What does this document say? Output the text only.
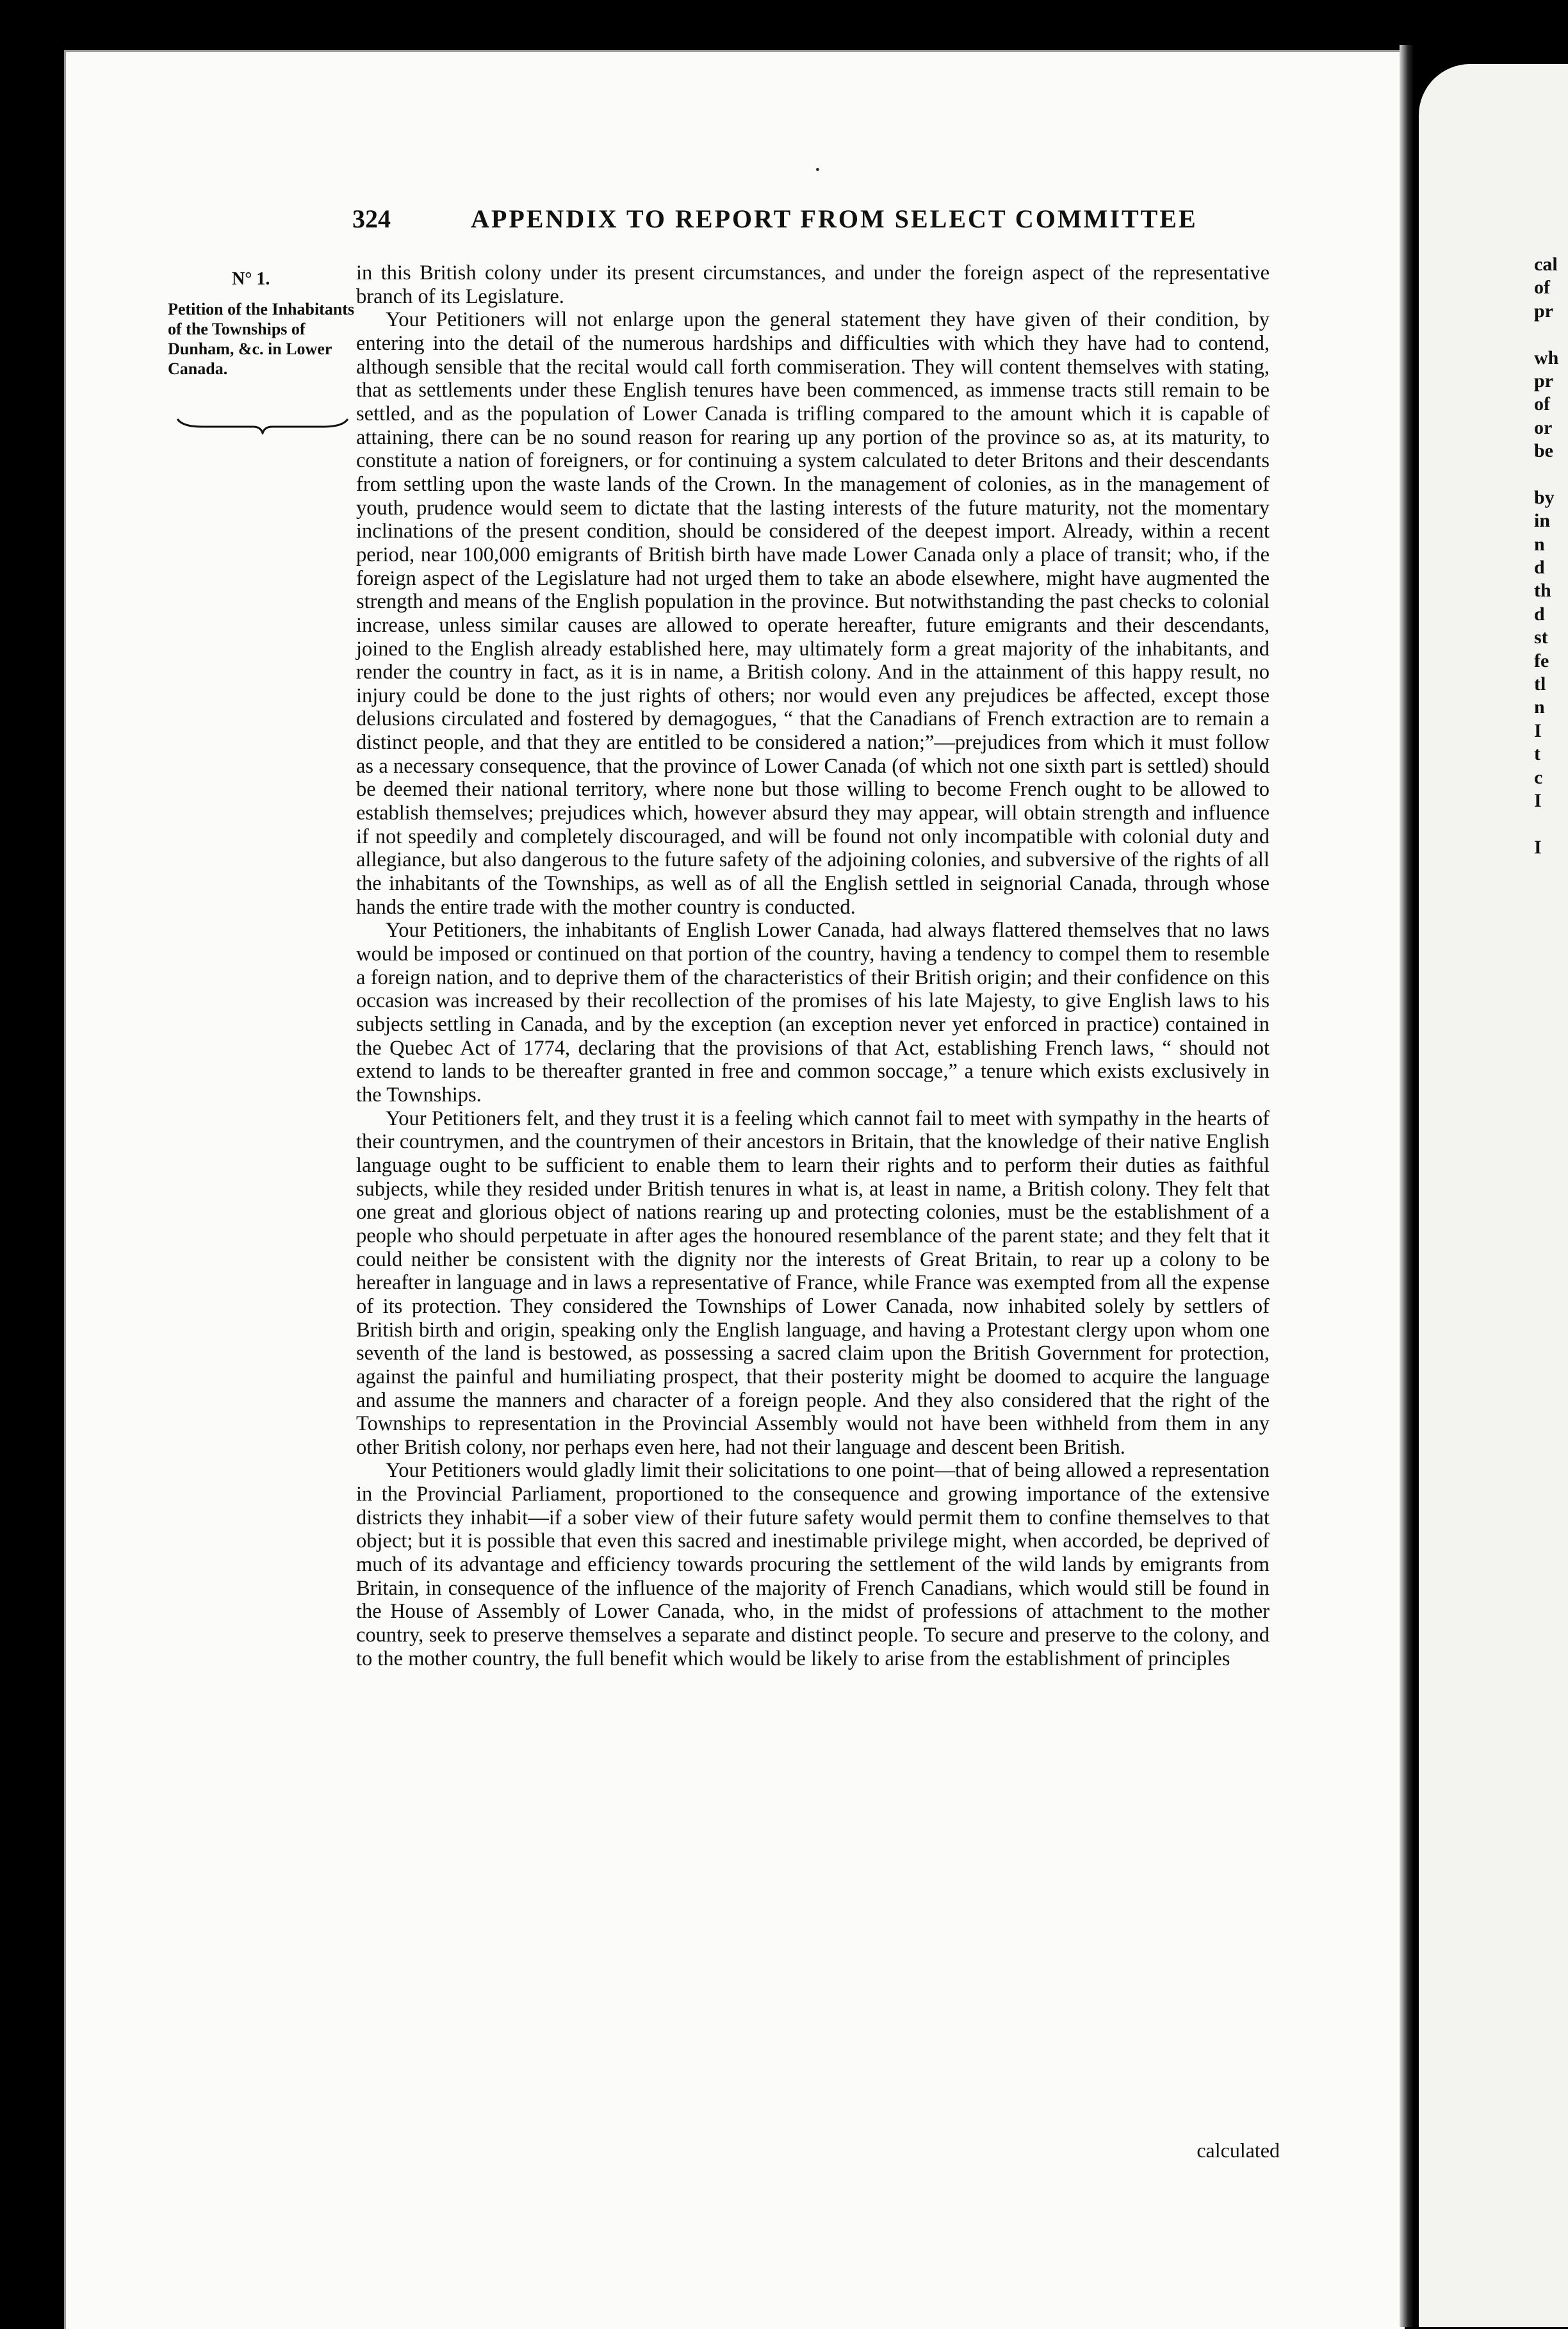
cal
of
pr
wh
pr
of
or
be
by
in
n
d
th
d
st
fe
tl
n
I
t
c
I
I
324	APPENDIX TO REPORT FROM SELECT COMMITTEE
N° 1.
Petition of the Inhabitants of the Townships of Dunham, &c. in Lower Canada.

in this British colony under its present circumstances, and under the foreign aspect of the representative branch of its Legislature.

Your Petitioners will not enlarge upon the general statement they have given of their condition, by entering into the detail of the numerous hardships and difficulties with which they have had to contend, although sensible that the recital would call forth commiseration. They will content themselves with stating, that as settlements under these English tenures have been commenced, as immense tracts still remain to be settled, and as the population of Lower Canada is trifling compared to the amount which it is capable of attaining, there can be no sound reason for rearing up any portion of the province so as, at its maturity, to constitute a nation of foreigners, or for continuing a system calculated to deter Britons and their descendants from settling upon the waste lands of the Crown. In the management of colonies, as in the management of youth, prudence would seem to dictate that the lasting interests of the future maturity, not the momentary inclinations of the present condition, should be considered of the deepest import. Already, within a recent period, near 100,000 emigrants of British birth have made Lower Canada only a place of transit; who, if the foreign aspect of the Legislature had not urged them to take an abode elsewhere, might have augmented the strength and means of the English population in the province. But notwithstanding the past checks to colonial increase, unless similar causes are allowed to operate hereafter, future emigrants and their descendants, joined to the English already established here, may ultimately form a great majority of the inhabitants, and render the country in fact, as it is in name, a British colony. And in the attainment of this happy result, no injury could be done to the just rights of others; nor would even any prejudices be affected, except those delusions circulated and fostered by demagogues, “ that the Canadians of French extraction are to remain a distinct people, and that they are entitled to be considered a nation;”—prejudices from which it must follow as a necessary consequence, that the province of Lower Canada (of which not one sixth part is settled) should be deemed their national territory, where none but those willing to become French ought to be allowed to establish themselves; prejudices which, however absurd they may appear, will obtain strength and influence if not speedily and completely discouraged, and will be found not only incompatible with colonial duty and allegiance, but also dangerous to the future safety of the adjoining colonies, and subversive of the rights of all the inhabitants of the Townships, as well as of all the English settled in seignorial Canada, through whose hands the entire trade with the mother country is conducted.

Your Petitioners, the inhabitants of English Lower Canada, had always flattered themselves that no laws would be imposed or continued on that portion of the country, having a tendency to compel them to resemble a foreign nation, and to deprive them of the characteristics of their British origin; and their confidence on this occasion was increased by their recollection of the promises of his late Majesty, to give English laws to his subjects settling in Canada, and by the exception (an exception never yet enforced in practice) contained in the Quebec Act of 1774, declaring that the provisions of that Act, establishing French laws, “ should not extend to lands to be thereafter granted in free and common soccage,” a tenure which exists exclusively in the Townships.

Your Petitioners felt, and they trust it is a feeling which cannot fail to meet with sympathy in the hearts of their countrymen, and the countrymen of their ancestors in Britain, that the knowledge of their native English language ought to be sufficient to enable them to learn their rights and to perform their duties as faithful subjects, while they resided under British tenures in what is, at least in name, a British colony. They felt that one great and glorious object of nations rearing up and protecting colonies, must be the establishment of a people who should perpetuate in after ages the honoured resemblance of the parent state; and they felt that it could neither be consistent with the dignity nor the interests of Great Britain, to rear up a colony to be hereafter in language and in laws a representative of France, while France was exempted from all the expense of its protection. They considered the Townships of Lower Canada, now inhabited solely by settlers of British birth and origin, speaking only the English language, and having a Protestant clergy upon whom one seventh of the land is bestowed, as possessing a sacred claim upon the British Government for protection, against the painful and humiliating prospect, that their posterity might be doomed to acquire the language and assume the manners and character of a foreign people. And they also considered that the right of the Townships to representation in the Provincial Assembly would not have been withheld from them in any other British colony, nor perhaps even here, had not their language and descent been British.

Your Petitioners would gladly limit their solicitations to one point—that of being allowed a representation in the Provincial Parliament, proportioned to the consequence and growing importance of the extensive districts they inhabit—if a sober view of their future safety would permit them to confine themselves to that object; but it is possible that even this sacred and inestimable privilege might, when accorded, be deprived of much of its advantage and efficiency towards procuring the settlement of the wild lands by emigrants from Britain, in consequence of the influence of the majority of French Canadians, which would still be found in the House of Assembly of Lower Canada, who, in the midst of professions of attachment to the mother country, seek to preserve themselves a separate and distinct people. To secure and preserve to the colony, and to the mother country, the full benefit which would be likely to arise from the establishment of principles

calculated
